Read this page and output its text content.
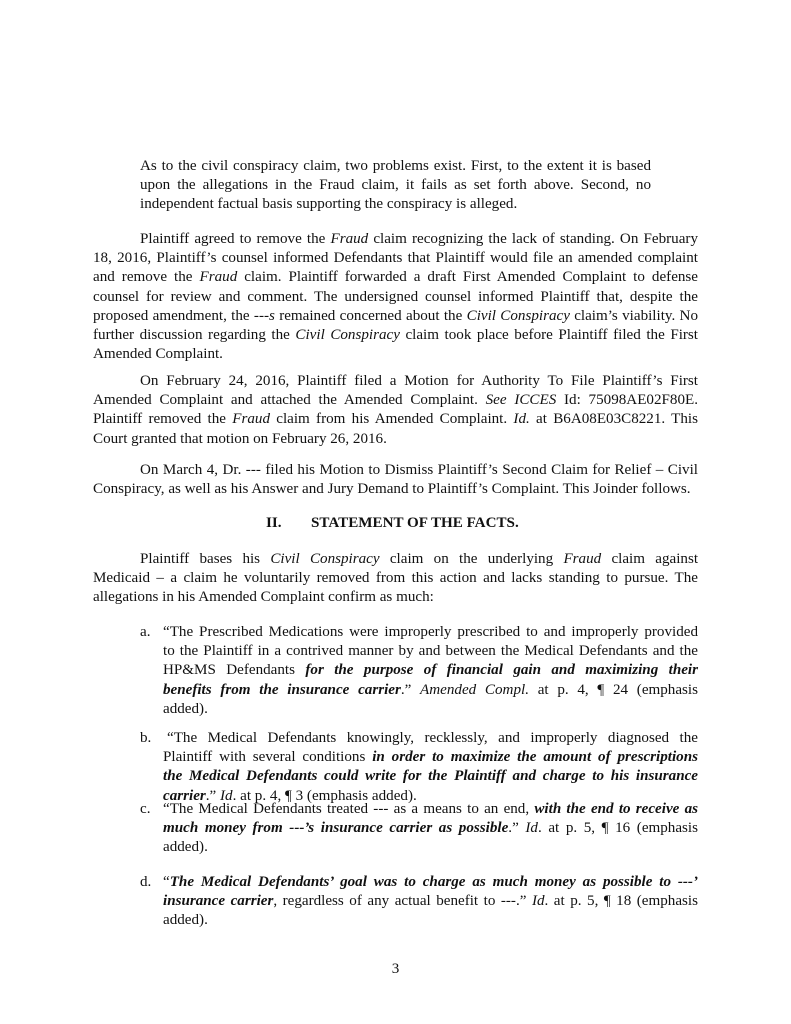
As to the civil conspiracy claim, two problems exist. First, to the extent it is based
upon the allegations in the Fraud claim, it fails as set forth above. Second, no
independent factual basis supporting the conspiracy is alleged.
Plaintiff agreed to remove the Fraud claim recognizing the lack of standing. On February
18, 2016, Plaintiff’s counsel informed Defendants that Plaintiff would file an amended complaint
and remove the Fraud claim. Plaintiff forwarded a draft First Amended Complaint to defense
counsel for review and comment. The undersigned counsel informed Plaintiff that, despite the
proposed amendment, the ---s remained concerned about the Civil Conspiracy claim’s viability. No
further discussion regarding the Civil Conspiracy claim took place before Plaintiff filed the First
Amended Complaint.
On February 24, 2016, Plaintiff filed a Motion for Authority To File Plaintiff’s First
Amended Complaint and attached the Amended Complaint. See ICCES Id: 75098AE02F80E.
Plaintiff removed the Fraud claim from his Amended Complaint. Id. at B6A08E03C8221. This
Court granted that motion on February 26, 2016.
On March 4, Dr. --- filed his Motion to Dismiss Plaintiff’s Second Claim for Relief – Civil
Conspiracy, as well as his Answer and Jury Demand to Plaintiff’s Complaint. This Joinder follows.
II. STATEMENT OF THE FACTS.
Plaintiff bases his Civil Conspiracy claim on the underlying Fraud claim against
Medicaid – a claim he voluntarily removed from this action and lacks standing to pursue. The
allegations in his Amended Complaint confirm as much:
a. “The Prescribed Medications were improperly prescribed to and improperly provided
to the Plaintiff in a contrived manner by and between the Medical Defendants and the
HP&MS Defendants for the purpose of financial gain and maximizing their
benefits from the insurance carrier.” Amended Compl. at p. 4, ¶ 24 (emphasis
added).
b.	“The Medical Defendants knowingly, recklessly, and improperly diagnosed the
Plaintiff with several conditions in order to maximize the amount of prescriptions
the Medical Defendants could write for the Plaintiff and charge to his insurance
carrier.” Id. at p. 4, ¶ 3 (emphasis added).
c. “The Medical Defendants treated --- as a means to an end, with the end to receive as
much money from ---’s insurance carrier as possible.” Id. at p. 5, ¶ 16 (emphasis
added).
d. “The Medical Defendants’ goal was to charge as much money as possible to ---’
insurance carrier, regardless of any actual benefit to ---.” Id. at p. 5, ¶ 18 (emphasis
added).
3
